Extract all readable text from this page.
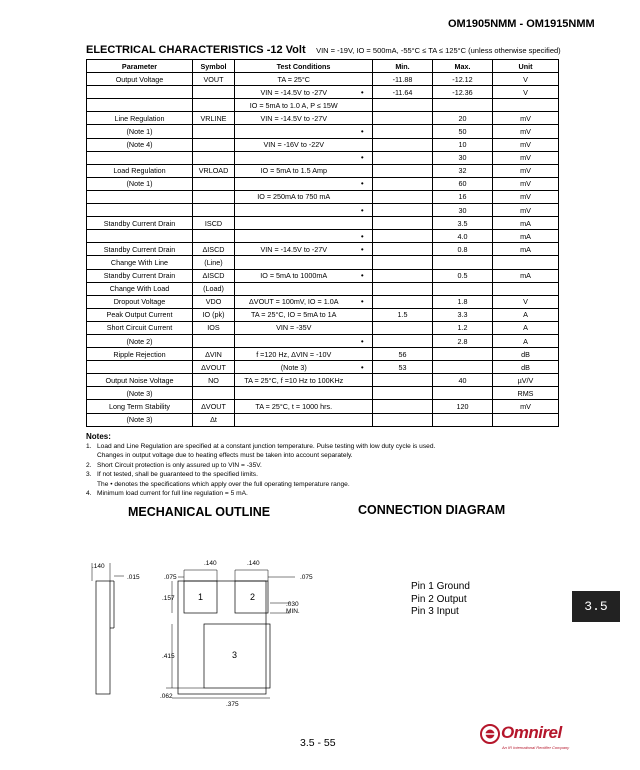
OM1905NMM - OM1915NMM
ELECTRICAL CHARACTERISTICS -12 Volt VIN = -19V, IO = 500mA, -55°C ≤ TA ≤ 125°C (unless otherwise specified)
Parameter	Symbol	Test Conditions		Min.	Max.	Unit
Output Voltage	VOUT	TA = 25°C		-11.88	-12.12	V
		VIN = -14.5V to -27V	•	-11.64	-12.36	V
		IO = 5mA to 1.0 A, P ≤ 15W				
Line Regulation	VRLINE	VIN = -14.5V to -27V			20	mV
(Note 1)			•		50	mV
(Note 4)		VIN = -16V to -22V			10	mV
			•		30	mV
Load Regulation	VRLOAD	IO = 5mA to 1.5 Amp			32	mV
(Note 1)			•		60	mV
		IO = 250mA to 750 mA			16	mV
			•		30	mV
Standby Current Drain	ISCD				3.5	mA
			•		4.0	mA
Standby Current Drain	ΔISCD	VIN = -14.5V to -27V	•		0.8	mA
Change With Line	(Line)					
Standby Current Drain	ΔISCD	IO = 5mA to 1000mA	•		0.5	mA
Change With Load	(Load)					
Dropout Voltage	VDO	ΔVOUT = 100mV, IO = 1.0A	•		1.8	V
Peak Output Current	IO (pk)	TA = 25°C, IO = 5mA to 1A		1.5	3.3	A
Short Circuit Current	IOS	VIN = -35V			1.2	A
(Note 2)			•		2.8	A
Ripple Rejection	ΔVIN	f =120 Hz, ΔVIN = -10V		56		dB
	ΔVOUT	(Note 3)	•	53		dB
Output Noise Voltage	NO	TA = 25°C, f =10 Hz to 100KHz			40	µV/V
(Note 3)						RMS
Long Term Stability	ΔVOUT	TA = 25°C, t = 1000 hrs.			120	mV
(Note 3)	Δt					
Notes:
1. Load and Line Regulation are specified at a constant junction temperature. Pulse testing with low duty cycle is used.
Changes in output voltage due to heating effects must be taken into account separately.
2. Short Circuit protection is only assured up to VIN = -35V.
3. If not tested, shall be guaranteed to the specified limits.
The • denotes the specifications which apply over the full operating temperature range.
4. Minimum load current for full line regulation = 5 mA.
MECHANICAL OUTLINE	CONNECTION DIAGRAM
.140
.015
.140	.140
.075	.075
.157
.030
MIN.
.415
.062
.375
1	2
3
Pin 1 Ground
Pin 2 Output
Pin 3 Input	3.5
3.5 - 55
Omnirel
An IR International Rectifier Company
